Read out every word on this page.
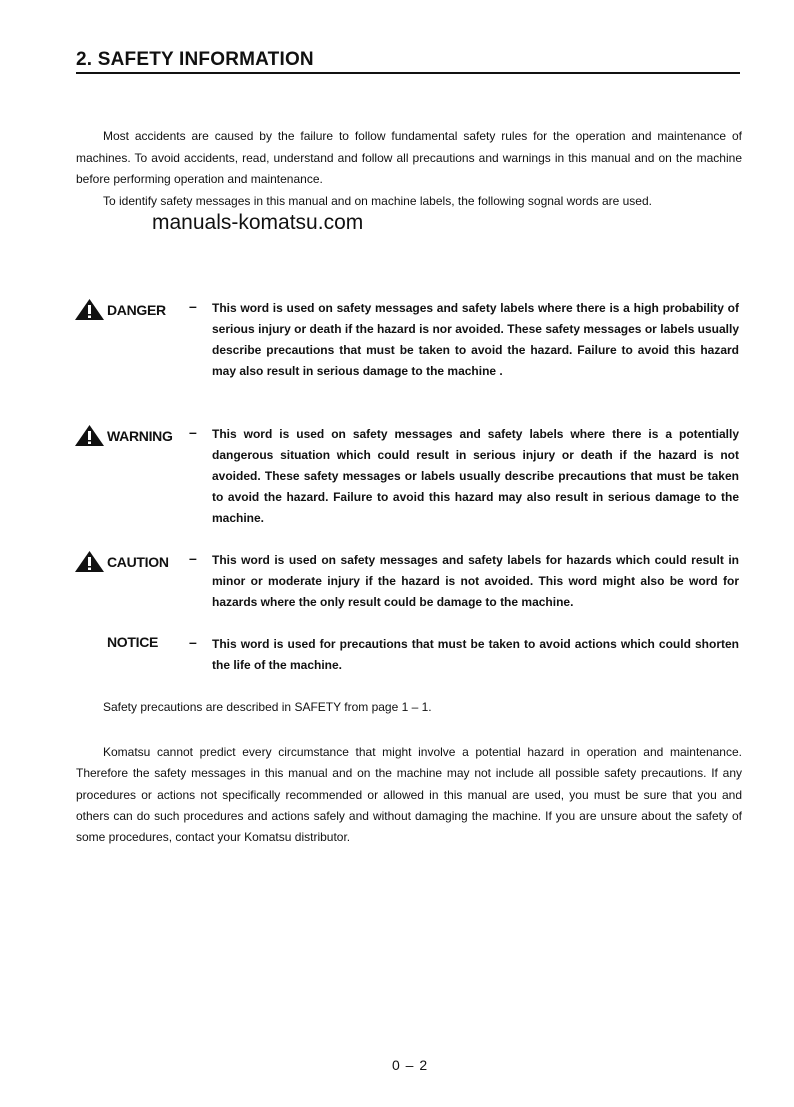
2. SAFETY INFORMATION

Most accidents are caused by the failure to follow fundamental safety rules for the operation and maintenance of machines. To avoid accidents, read, understand and follow all precautions and warnings in this manual and on the machine before performing operation and maintenance.

To identify safety messages in this manual and on machine labels, the following sognal words are used.

manuals-komatsu.com
DANGER – This word is used on safety messages and safety labels where there is a high probability of serious injury or death if the hazard is nor avoided. These safety messages or labels usually describe precautions that must be taken to avoid the hazard. Failure to avoid this hazard may also result in serious damage to the machine .
WARNING – This word is used on safety messages and safety labels where there is a potentially dangerous situation which could result in serious injury or death if the hazard is not avoided. These safety messages or labels usually describe precautions that must be taken to avoid the hazard. Failure to avoid this hazard may also result in serious damage to the machine.
CAUTION – This word is used on safety messages and safety labels for hazards which could result in minor or moderate injury if the hazard is not avoided. This word might also be word for hazards where the only result could be damage to the machine.
NOTICE – This word is used for precautions that must be taken to avoid actions which could shorten the life of the machine.
Safety precautions are described in SAFETY from page 1 – 1.

Komatsu cannot predict every circumstance that might involve a potential hazard in operation and maintenance. Therefore the safety messages in this manual and on the machine may not include all possible safety precautions. If any procedures or actions not specifically recommended or allowed in this manual are used, you must be sure that you and others can do such procedures and actions safely and without damaging the machine. If you are unsure about the safety of some procedures, contact your Komatsu distributor.

0 – 2
